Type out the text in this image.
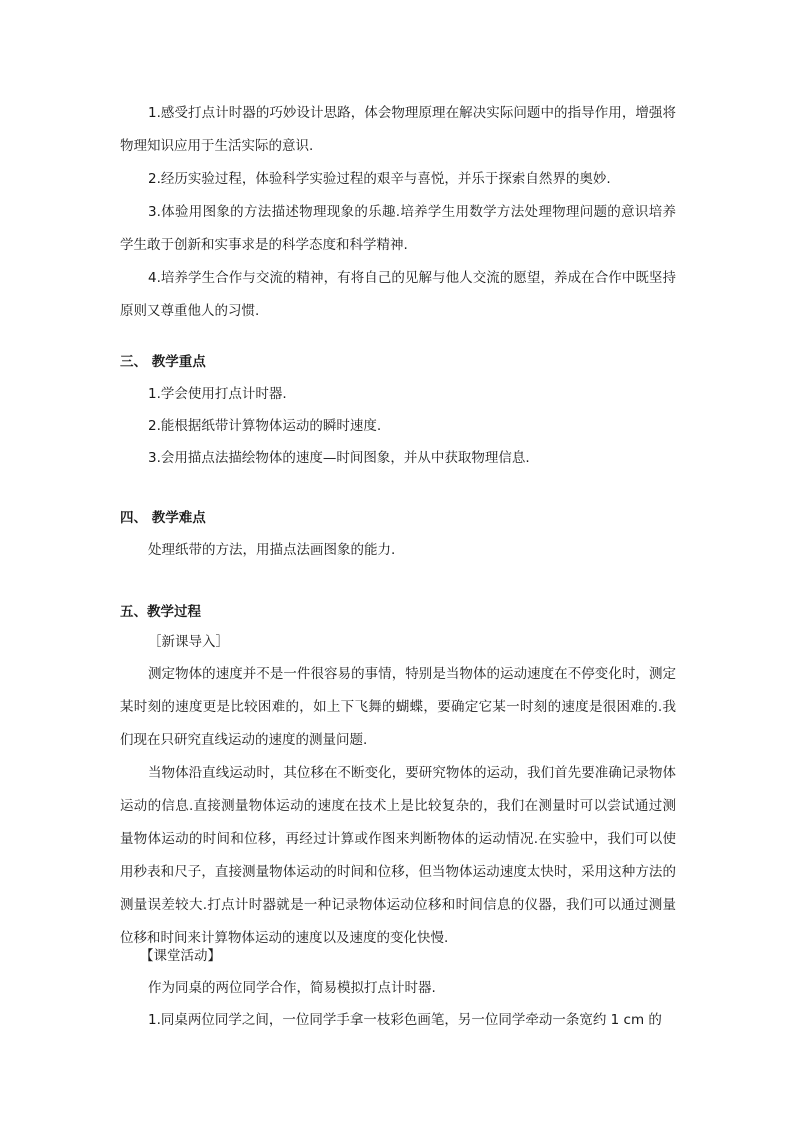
1.感受打点计时器的巧妙设计思路，体会物理原理在解决实际问题中的指导作用，增强将物理知识应用于生活实际的意识.

2.经历实验过程，体验科学实验过程的艰辛与喜悦，并乐于探索自然界的奥妙.

3.体验用图象的方法描述物理现象的乐趣.培养学生用数学方法处理物理问题的意识培养学生敢于创新和实事求是的科学态度和科学精神.

4.培养学生合作与交流的精神，有将自己的见解与他人交流的愿望，养成在合作中既坚持原则又尊重他人的习惯.

三、 教学重点

1.学会使用打点计时器.

2.能根据纸带计算物体运动的瞬时速度.

3.会用描点法描绘物体的速度—时间图象，并从中获取物理信息.

四、 教学难点

处理纸带的方法，用描点法画图象的能力.

五、教学过程

［新课导入］

测定物体的速度并不是一件很容易的事情，特别是当物体的运动速度在不停变化时，测定某时刻的速度更是比较困难的，如上下飞舞的蝴蝶，要确定它某一时刻的速度是很困难的.我们现在只研究直线运动的速度的测量问题.

当物体沿直线运动时，其位移在不断变化，要研究物体的运动，我们首先要准确记录物体运动的信息.直接测量物体运动的速度在技术上是比较复杂的，我们在测量时可以尝试通过测量物体运动的时间和位移，再经过计算或作图来判断物体的运动情况.在实验中，我们可以使用秒表和尺子，直接测量物体运动的时间和位移，但当物体运动速度太快时，采用这种方法的测量误差较大.打点计时器就是一种记录物体运动位移和时间信息的仪器，我们可以通过测量位移和时间来计算物体运动的速度以及速度的变化快慢.

【课堂活动】

作为同桌的两位同学合作，简易模拟打点计时器.

1.同桌两位同学之间，一位同学手拿一枝彩色画笔，另一位同学牵动一条宽约 1 cm 的
